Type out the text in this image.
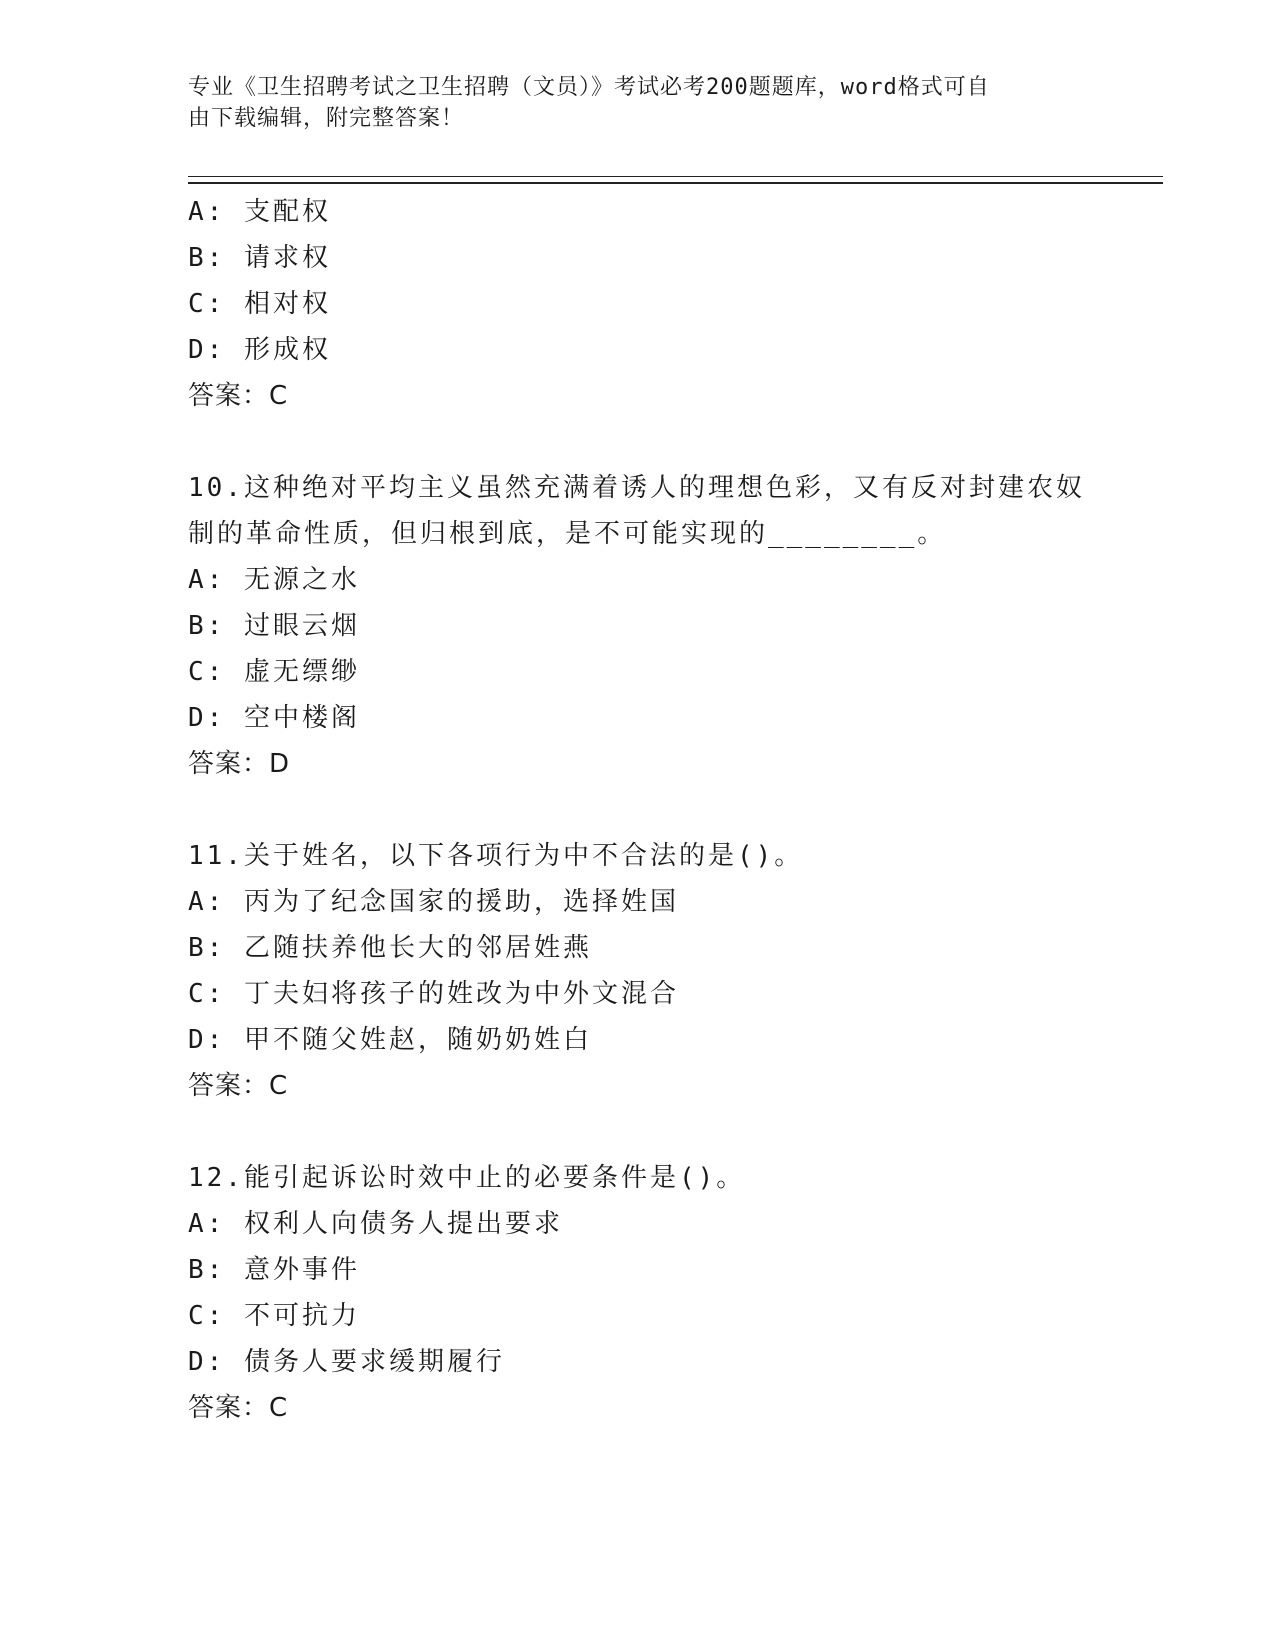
专业《卫生招聘考试之卫生招聘（文员）》考试必考200题题库，word格式可自
由下载编辑，附完整答案！
A: 支配权
B: 请求权
C: 相对权
D: 形成权
答案：C
10.这种绝对平均主义虽然充满着诱人的理想色彩，又有反对封建农奴
制的革命性质，但归根到底，是不可能实现的________。
A: 无源之水
B: 过眼云烟
C: 虚无缥缈
D: 空中楼阁
答案：D
11.关于姓名，以下各项行为中不合法的是()。
A: 丙为了纪念国家的援助，选择姓国
B: 乙随扶养他长大的邻居姓燕
C: 丁夫妇将孩子的姓改为中外文混合
D: 甲不随父姓赵，随奶奶姓白
答案：C
12.能引起诉讼时效中止的必要条件是()。
A: 权利人向债务人提出要求
B: 意外事件
C: 不可抗力
D: 债务人要求缓期履行
答案：C
